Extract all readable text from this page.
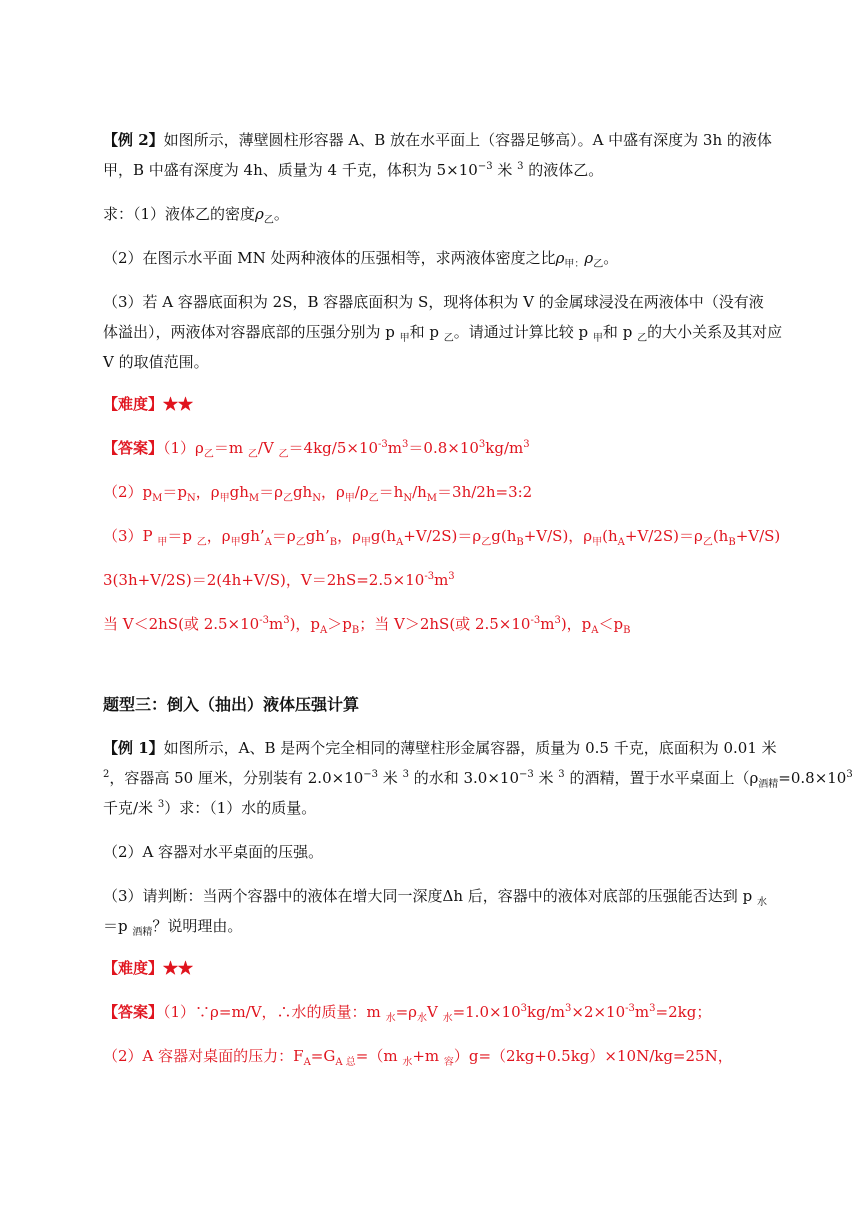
【例 2】如图所示，薄壁圆柱形容器 A、B 放在水平面上（容器足够高）。A 中盛有深度为 3h 的液体
甲，B 中盛有深度为 4h、质量为 4 千克，体积为 $5\times 10^{-3}$ 米 $^3$ 的液体乙。
求：（1）液体乙的密度$\rho_乙$。
（2）在图示水平面 MN 处两种液体的压强相等，求两液体密度之比$\rho_{甲:}\rho_乙$。
（3）若 A 容器底面积为 2S，B 容器底面积为 S，现将体积为 V 的金属球浸没在两液体中（没有液
体溢出），两液体对容器底部的压强分别为 p $_甲$和 p $_乙$。请通过计算比较 p $_甲$和 p $_乙$的大小关系及其对应
V 的取值范围。
【难度】★★
【答案】$(1)\rho_乙=m$ $_乙$/V $_乙=4kg/5\times 10^{-3}m^3=0.8\times 10^3kg/m^3$
$(2)p_M=p_N$，$\rho_甲gh_M=\rho_乙gh_N$，$\rho_甲/\rho_乙=h_N/h_M=3h/2h=3:2$
（3）P $_甲$＝p $_乙$，$\rho_甲gh’_A=\rho_乙gh’_B$，$\rho_甲g(h_A+V/2S)=\rho_乙g(h_B+V/S)$，$\rho_甲(h_A+V/2S)=\rho_乙(h_B+V/S)$
3(3h+V/2S)＝2(4h+V/S)，$V=2hS=2.5\times 10^{-3}m^3$
当 V＜2hS(或 $2.5\times 10^{-3}m^3$)，$p_A>p_B$；当 V＞2hS(或 $2.5\times 10^{-3}m^3$)，$p_A<p_B$
题型三：倒入（抽出）液体压强计算
【例 1】如图所示，A、B 是两个完全相同的薄壁柱形金属容器，质量为 0.5 千克，底面积为 0.01 米
$^2$，容器高 50 厘米，分别装有 $2.0\times 10^{-3}$ 米 $^3$ 的水和 $3.0\times 10^{-3}$ 米 $^3$ 的酒精，置于水平桌面上（$\rho_{酒精}=0.8\times 10^3$
千克/米 $^3$）求：（1）水的质量。
（2）A 容器对水平桌面的压强。
（3）请判断：当两个容器中的液体在增大同一深度Δh 后，容器中的液体对底部的压强能否达到 p $_水$
＝p $_{酒精}$？说明理由。
【难度】★★
【答案】（1）∵ρ=m/V，∴水的质量：m $_水=\rho_水V$ $_水=1.0\times 10^3kg/m^3\times 2\times 10^{-3}m^3=2kg$；
（2）A 容器对桌面的压力：$F_A=G_{A 总}=(m$ $_水$+m $_容$）g=（2kg+0.5kg）×10N/kg=25N，
